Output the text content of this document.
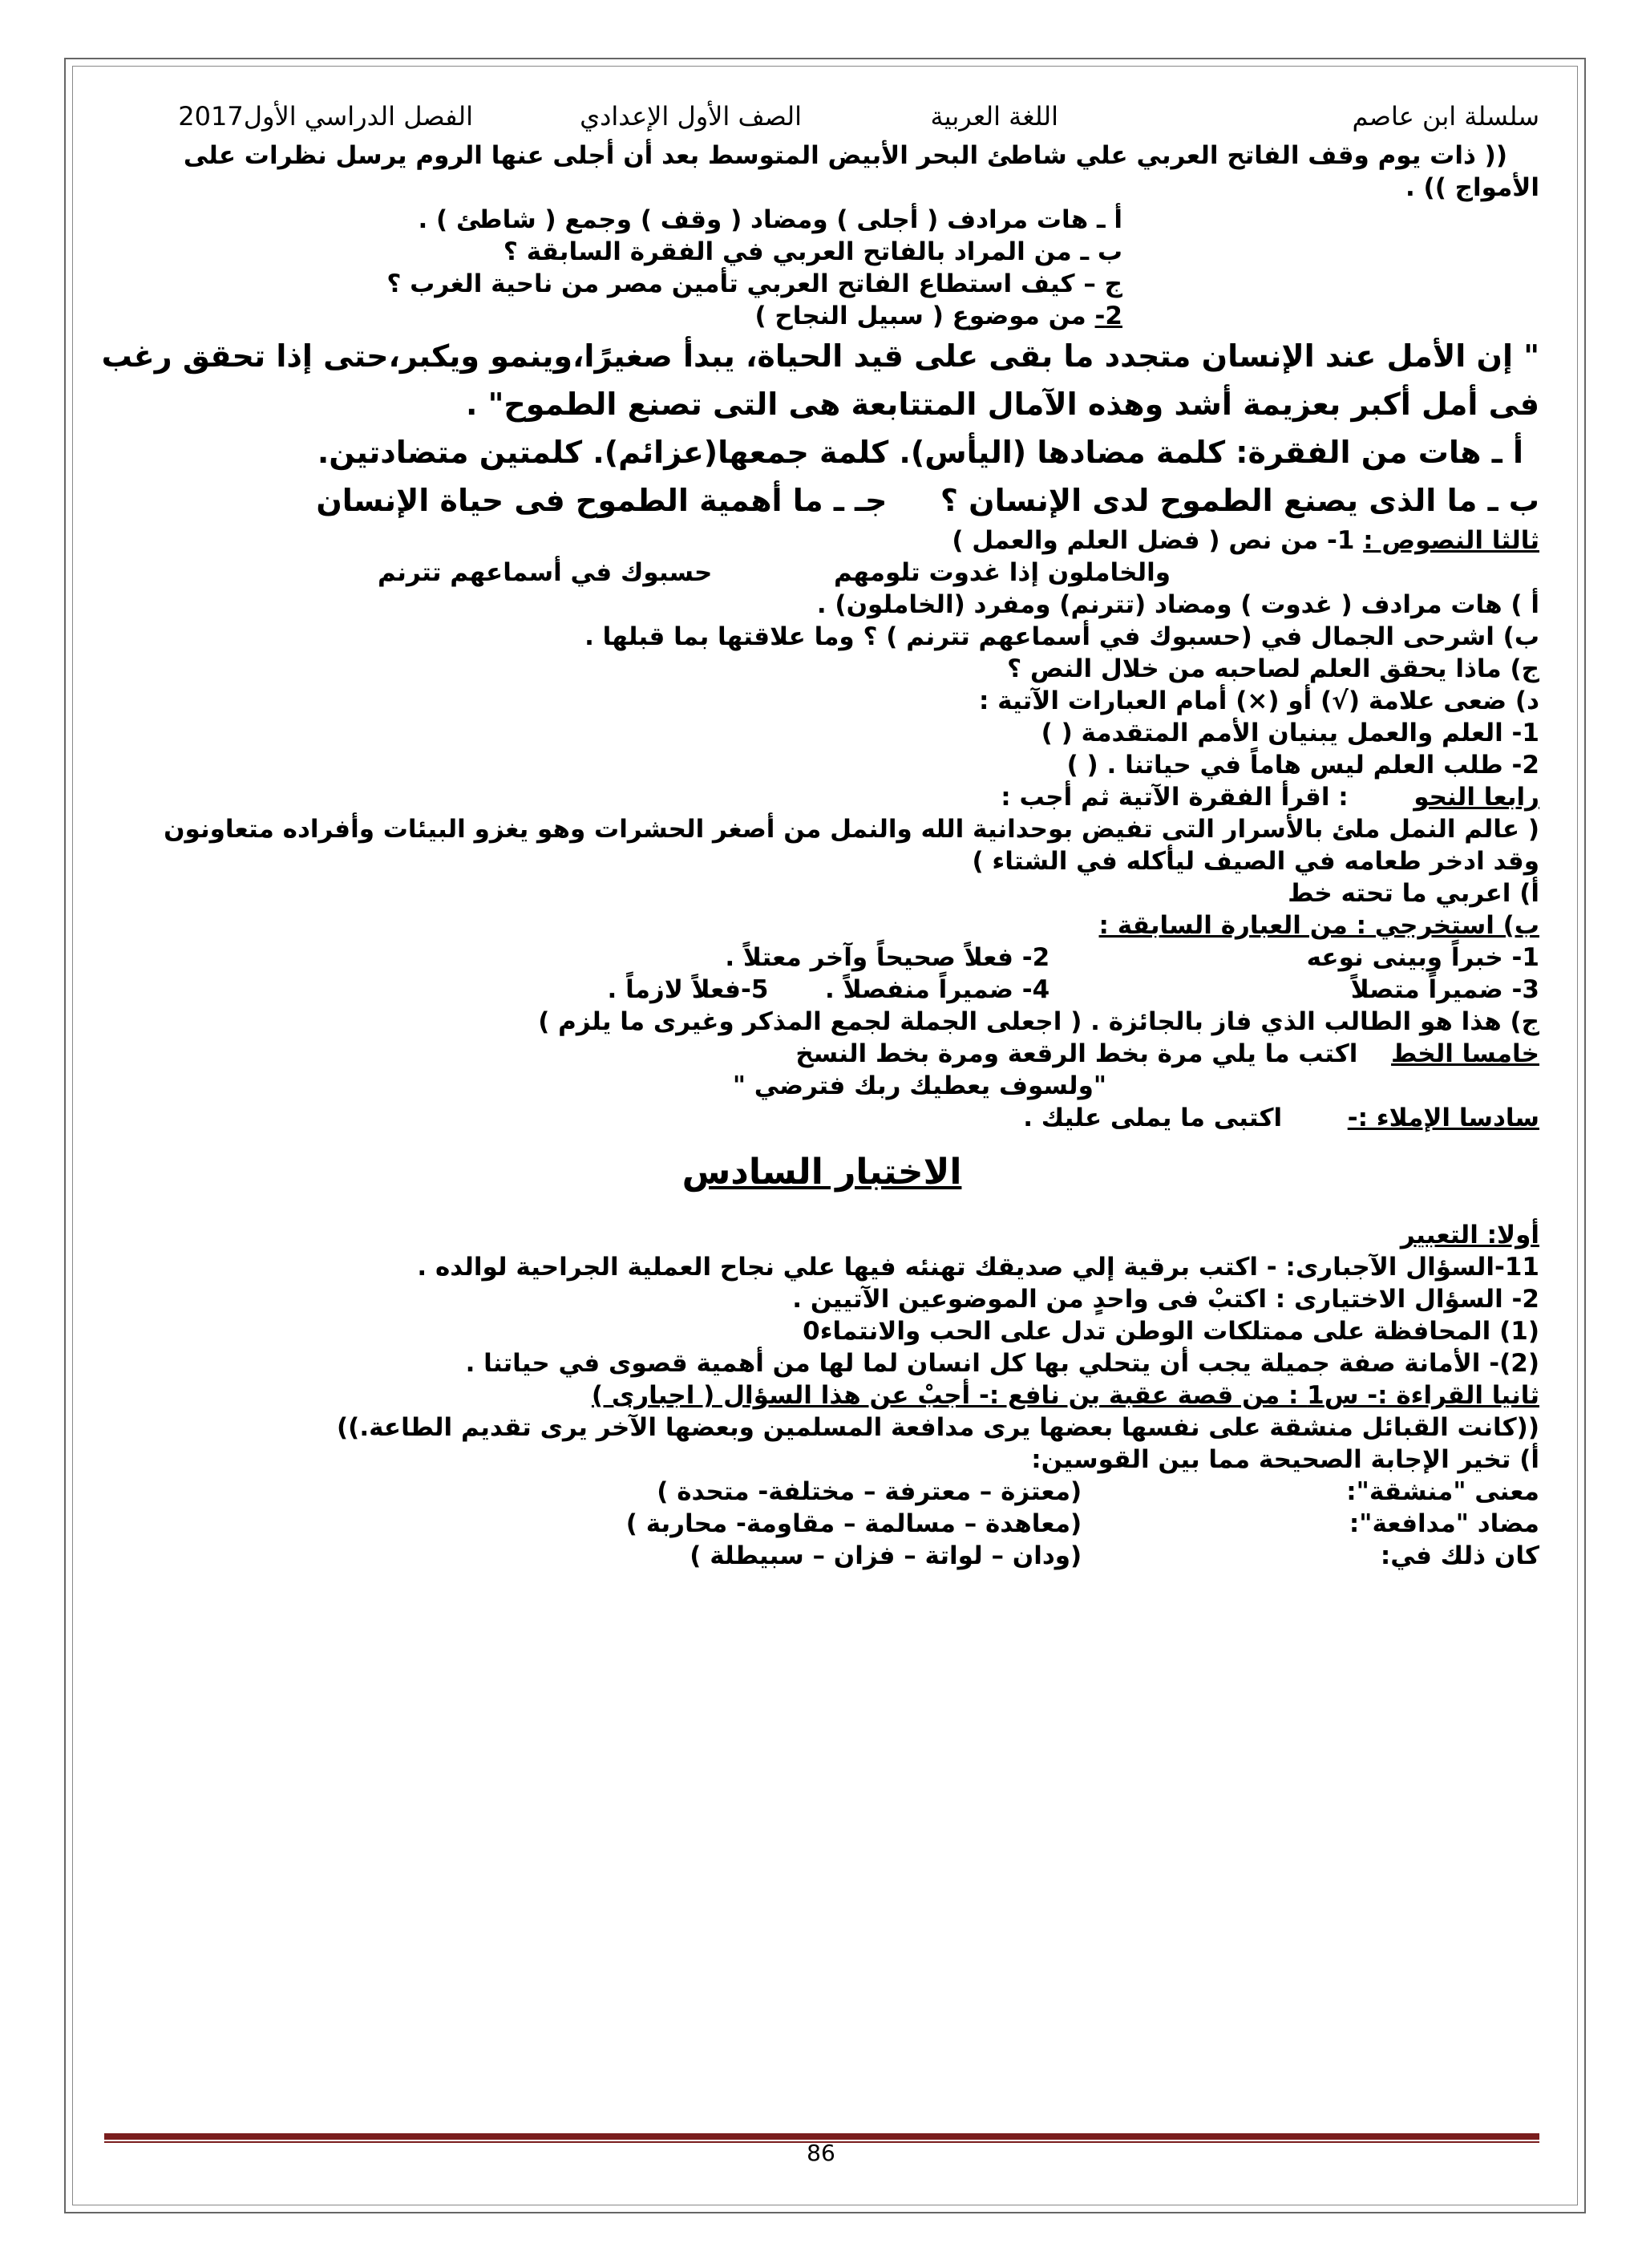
سلسلة ابن عاصم
اللغة العربية
الصف الأول الإعدادي
الفصل الدراسي الأول2017

(( ذات يوم وقف الفاتح العربي علي شاطئ البحر الأبيض المتوسط بعد أن أجلى عنها الروم يرسل نظرات على

الأمواج )) .

أ ـ هات مرادف ( أجلى ) ومضاد ( وقف ) وجمع ( شاطئ ) .

ب ـ من المراد بالفاتح العربي في الفقرة السابقة ؟

ج – كيف استطاع الفاتح العربي تأمين مصر من ناحية الغرب ؟

2- من موضوع ( سبيل النجاح )

" إن الأمل عند الإنسان متجدد ما بقى على قيد الحياة، يبدأ صغيرًا،وينمو ويكبر،حتى إذا تحقق رغب

فى أمل أكبر بعزيمة أشد وهذه الآمال المتتابعة هى التى تصنع الطموح" .

أ ـ هات من الفقرة: كلمة مضادها (اليأس). كلمة جمعها(عزائم). كلمتين متضادتين.

ب ـ ما الذى يصنع الطموح لدى الإنسان ؟  جـ ـ ما أهمية الطموح فى حياة الإنسان

ثالثا النصوص : 1- من نص ( فضل العلم والعمل )

والخاملون إذا غدوت تلومهم  حسبوك في أسماعهم تترنم

أ ) هات مرادف ( غدوت ) ومضاد (تترنم) ومفرد (الخاملون) .

ب) اشرحى الجمال في (حسبوك في أسماعهم تترنم ) ؟ وما علاقتها بما قبلها .

ج) ماذا يحقق العلم لصاحبه من خلال النص ؟

د) ضعى علامة (√) أو (×) أمام العبارات الآتية :

1- العلم والعمل يبنيان الأمم المتقدمة ( )

2- طلب العلم ليس هاماً في حياتنا . ( )

رابعا النحو  : اقرأ الفقرة الآتية ثم أجب :

( عالم النمل ملئ بالأسرار التى تفيض بوحدانية الله والنمل من أصغر الحشرات وهو يغزو البيئات وأفراده متعاونون

وقد ادخر طعامه في الصيف ليأكله في الشتاء )

أ) اعربي ما تحته خط

ب) استخرجي : من العبارة السابقة :

1- خبراً وبينى نوعه 2- فعلاً صحيحاً وآخر معتلاً .

3- ضميراً متصلاً 4- ضميراً منفصلاً . 5-فعلاً لازماً .

ج) هذا هو الطالب الذي فاز بالجائزة . ( اجعلى الجملة لجمع المذكر وغيرى ما يلزم )

خامسا الخط  اكتب ما يلي مرة بخط الرقعة ومرة بخط النسخ

"ولسوف يعطيك ربك فترضي "

سادسا الإملاء :-  اكتبى ما يملى عليك .

الاختبار السادس

أولا: التعبير

11-السؤال الآجبارى: - اكتب برقية إلي صديقك تهنئه فيها علي نجاح العملية الجراحية لوالده .

2- السؤال الاختيارى : اكتبْ فى واحدٍ من الموضوعين الآتيين .

(1) المحافظة على ممتلكات الوطن تدل على الحب والانتماء0

(2)- الأمانة صفة جميلة يجب أن يتحلي بها كل انسان لما لها من أهمية قصوى في حياتنا .

ثانيا القراءة :- س1 : من قصة عقبة بن نافع :- أجبْ عن هذا السؤال ( اجبارى )

((كانت القبائل منشقة على نفسها بعضها يرى مدافعة المسلمين وبعضها الآخر يرى تقديم الطاعة.))

أ) تخير الإجابة الصحيحة مما بين القوسين:

معنى "منشقة": (معتزة – معترفة – مختلفة- متحدة )

مضاد "مدافعة": (معاهدة – مسالمة – مقاومة- محاربة )

كان ذلك في: (ودان – لواتة – فزان – سبيطلة )

86
